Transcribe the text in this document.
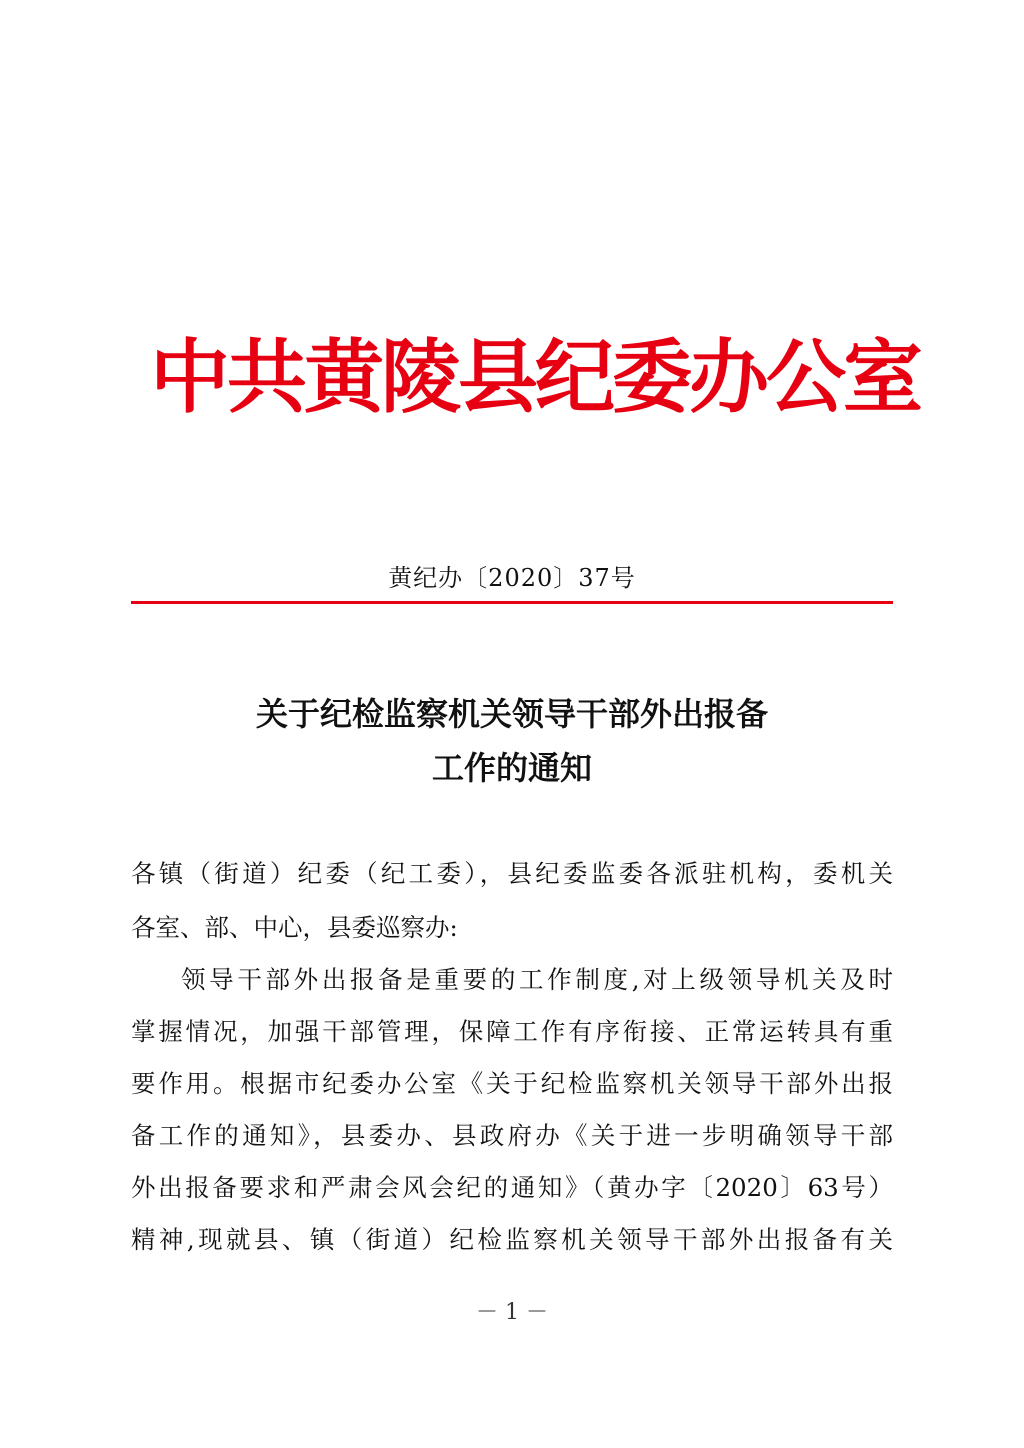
中共黄陵县纪委办公室
黄纪办〔2020〕37号
关于纪检监察机关领导干部外出报备
工作的通知
各镇（街道）纪委（纪工委），县纪委监委各派驻机构，委机关
各室、部、中心，县委巡察办:
领导干部外出报备是重要的工作制度,对上级领导机关及时
掌握情况，加强干部管理，保障工作有序衔接、正常运转具有重
要作用。根据市纪委办公室《关于纪检监察机关领导干部外出报
备工作的通知》，县委办、县政府办《关于进一步明确领导干部
外出报备要求和严肃会风会纪的通知》（黄办字〔2020〕63号）
精神,现就县、镇（街道）纪检监察机关领导干部外出报备有关
－ 1 －
